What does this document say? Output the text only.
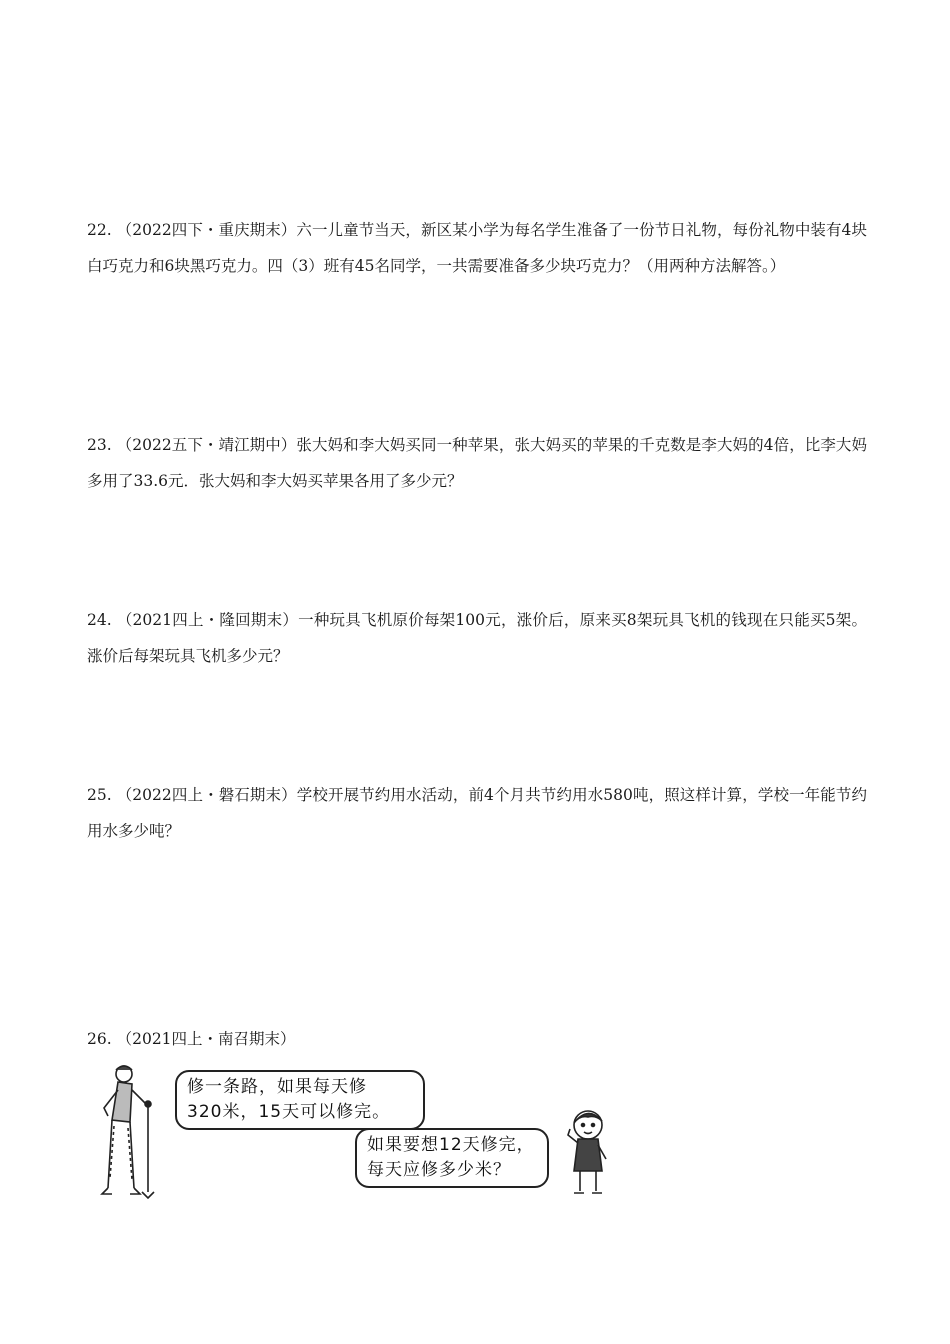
22. （2022四下・重庆期末）六一儿童节当天，新区某小学为每名学生准备了一份节日礼物，每份礼物中装有4块白巧克力和6块黑巧克力。四（3）班有45名同学，一共需要准备多少块巧克力？（用两种方法解答。）

23. （2022五下・靖江期中）张大妈和李大妈买同一种苹果，张大妈买的苹果的千克数是李大妈的4倍，比李大妈多用了33.6元．张大妈和李大妈买苹果各用了多少元？

24. （2021四上・隆回期末）一种玩具飞机原价每架100元，涨价后，原来买8架玩具飞机的钱现在只能买5架。涨价后每架玩具飞机多少元？

25. （2022四上・磐石期末）学校开展节约用水活动，前4个月共节约用水580吨，照这样计算，学校一年能节约用水多少吨？

26. （2021四上・南召期末）

修一条路，如果每天修

320米，15天可以修完。

如果要想12天修完，

每天应修多少米？
